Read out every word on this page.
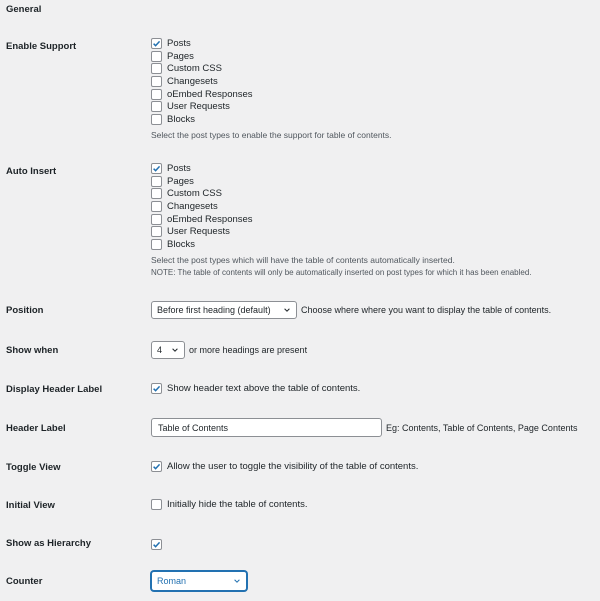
General
Enable Support	Posts
Pages
Custom CSS
Changesets
oEmbed Responses
User Requests
Blocks
Select the post types to enable the support for table of contents.
Auto Insert	Posts
Pages
Custom CSS
Changesets
oEmbed Responses
User Requests
Blocks
Select the post types which will have the table of contents automatically inserted.
NOTE: The table of contents will only be automatically inserted on post types for which it has been enabled.
Position	Before first heading (default)	Choose where where you want to display the table of contents.
Show when	4	or more headings are present
Display Header Label	Show header text above the table of contents.
Header Label	Table of Contents	Eg: Contents, Table of Contents, Page Contents
Toggle View	Allow the user to toggle the visibility of the table of contents.
Initial View	Initially hide the table of contents.
Show as Hierarchy
Counter	Roman
